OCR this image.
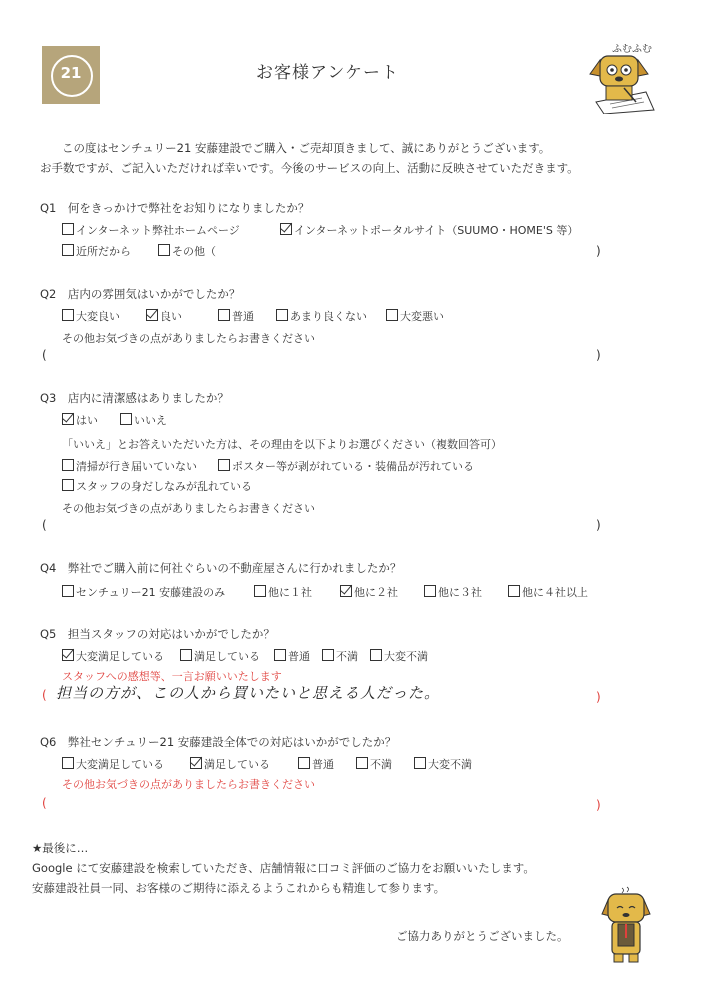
21	お客様アンケート
ふむふむ
この度はセンチュリー21 安藤建設でご購入・ご売却頂きまして、誠にありがとうございます。
お手数ですが、ご記入いただければ幸いです。今後のサービスの向上、活動に反映させていただきます。
Q1　何をきっかけで弊社をお知りになりましたか？
インターネット弊社ホームページ	インターネットポータルサイト（SUUMO・HOME'S 等）
近所だから	その他（	)
Q2　店内の雰囲気はいかがでしたか？
大変良い	良い	普通	あまり良くない	大変悪い
その他お気づきの点がありましたらお書きください
(	)
Q3　店内に清潔感はありましたか？
はい	いいえ
「いいえ」とお答えいただいた方は、その理由を以下よりお選びください（複数回答可）
清掃が行き届いていない	ポスター等が剥がれている・装備品が汚れている
スタッフの身だしなみが乱れている
その他お気づきの点がありましたらお書きください
(	)
Q4　弊社でご購入前に何社ぐらいの不動産屋さんに行かれましたか？
センチュリー21 安藤建設のみ	他に１社	他に２社	他に３社	他に４社以上
Q5　担当スタッフの対応はいかがでしたか？
大変満足している	満足している	普通	不満	大変不満
スタッフへの感想等、一言お願いいたします
( 担当の方が、この人から買いたいと思える人だった。	)
Q6　弊社センチュリー21 安藤建設全体での対応はいかがでしたか？
大変満足している	満足している	普通	不満	大変不満
その他お気づきの点がありましたらお書きください
(	)
★最後に…
Google にて安藤建設を検索していただき、店舗情報に口コミ評価のご協力をお願いいたします。
安藤建設社員一同、お客様のご期待に添えるようこれからも精進して参ります。
ご協力ありがとうございました。
